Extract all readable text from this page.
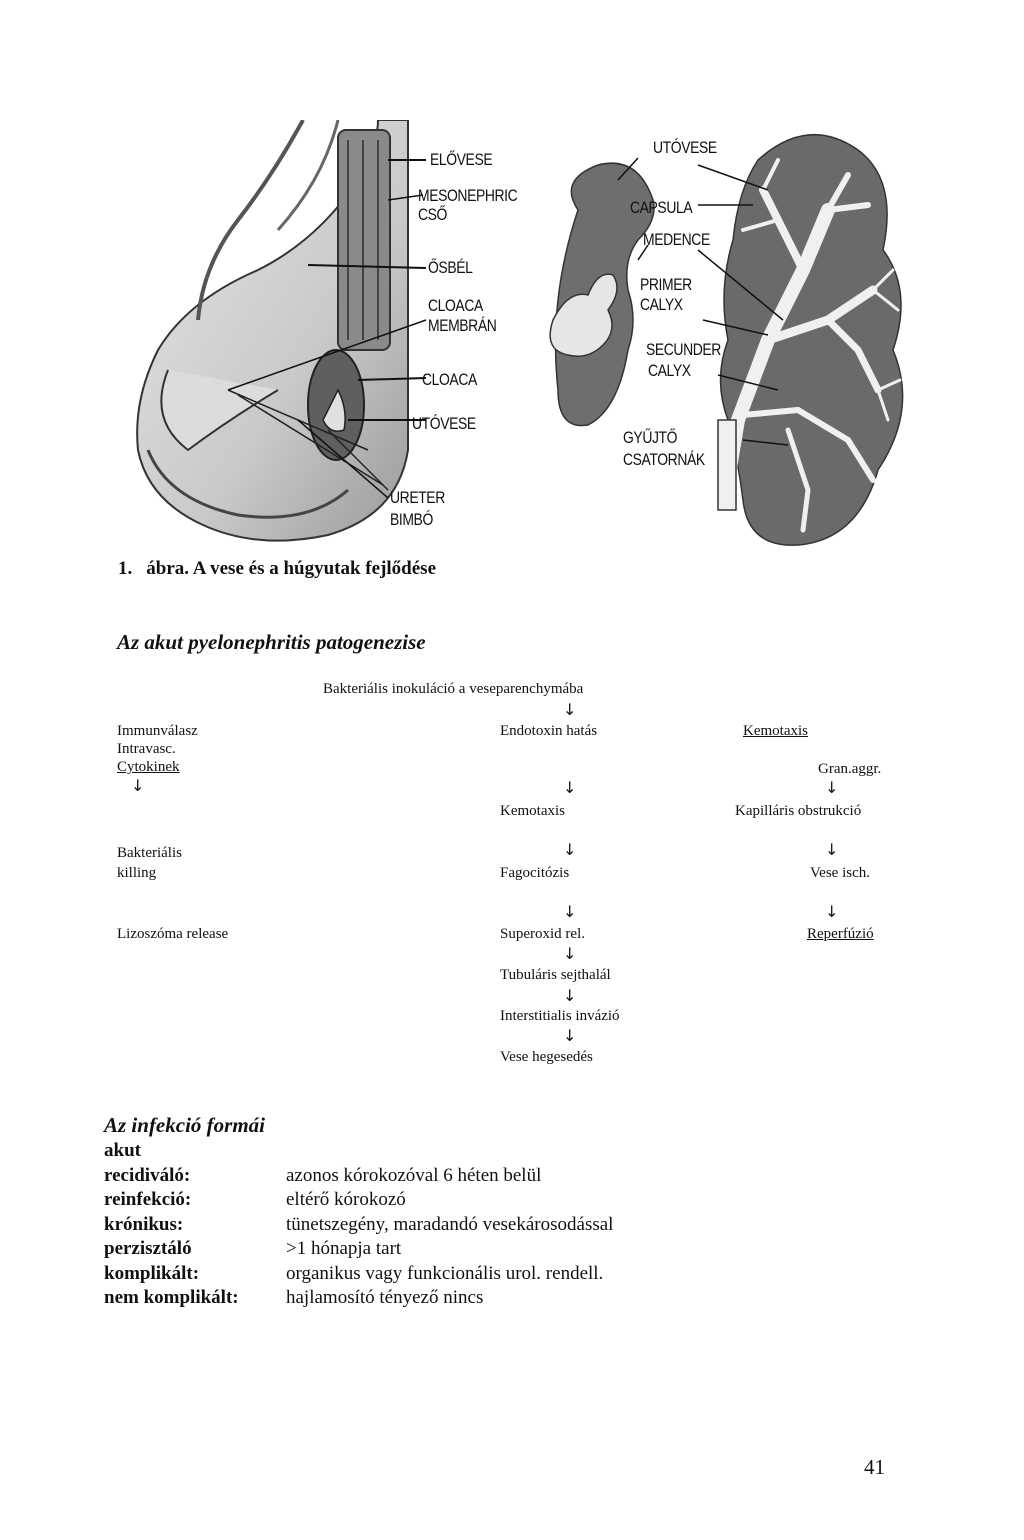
ELŐVESE
MESONEPHRIC
CSŐ
ŐSBÉL
CLOACA
MEMBRÁN
CLOACA
UTÓVESE
URETER
BIMBÓ
UTÓVESE
CAPSULA
MEDENCE
PRIMER
CALYX
SECUNDER
CALYX
GYŰJTŐ
CSATORNÁK
1. ábra. A vese és a húgyutak fejlődése
Az akut pyelonephritis patogenezise
Bakteriális inokuláció a veseparenchymába
↓
Immunválasz
Intravasc.
Cytokinek
↓
Bakteriális
killing
Lizoszóma release
Endotoxin hatás
↓
Kemotaxis
↓
Fagocitózis
↓
Superoxid rel.
↓
Tubuláris sejthalál
↓
Interstitialis invázió
↓
Vese hegesedés
Kemotaxis
Gran.aggr.
↓
Kapilláris obstrukció
↓
Vese isch.
↓
Reperfúzió
Az infekció formái
akut
recidiváló:	azonos kórokozóval 6 héten belül
reinfekció:	eltérő kórokozó
krónikus:	tünetszegény, maradandó vesekárosodással
perzisztáló	>1 hónapja tart
komplikált:	organikus vagy funkcionális urol. rendell.
nem komplikált:	hajlamosító tényező nincs
41
